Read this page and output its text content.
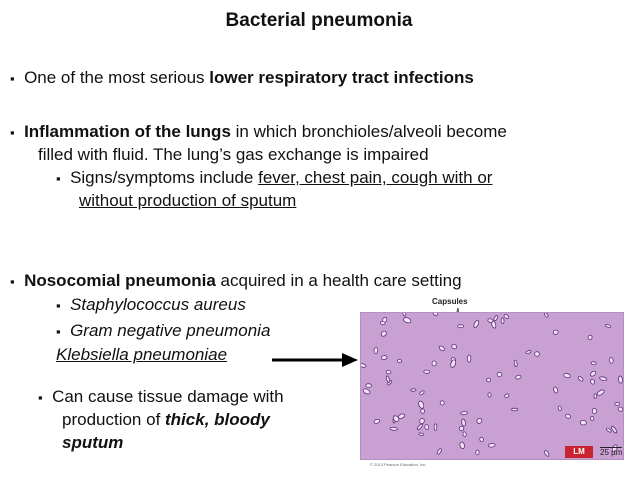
Bacterial pneumonia
▪ One of the most serious lower respiratory tract infections
▪ Inflammation of the lungs in which bronchioles/alveoli become
filled with fluid. The lung’s gas exchange is impaired
▪ Signs/symptoms include fever, chest pain, cough with or
without production of sputum
▪ Nosocomial pneumonia acquired in a health care setting
▪ Staphylococcus aureus
▪ Gram negative pneumonia
Klebsiella pneumoniae
▪ Can cause tissue damage with
production of thick, bloody
sputum
Capsules
LM	25 µm
© 2013 Pearson Education, Inc.
